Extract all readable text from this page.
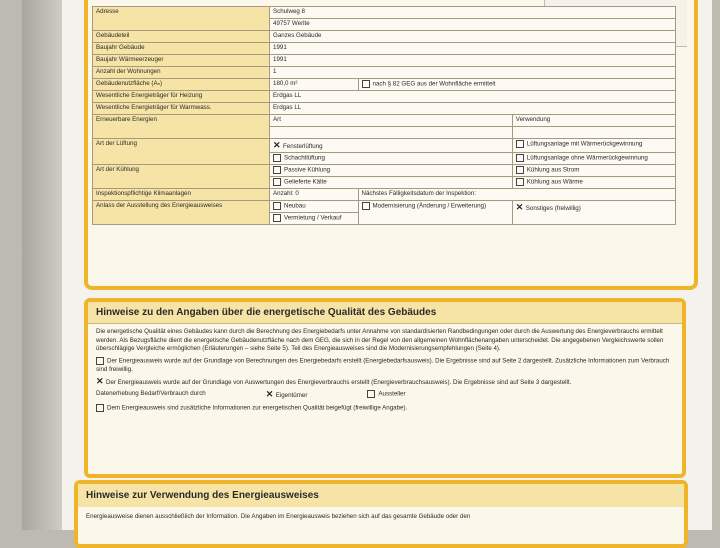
Adresse	Schulweg 8		
	49757 Werlte		
Gebäudeteil	Ganzes Gebäude		
Baujahr Gebäude	1991		
Baujahr Wärmeerzeuger	1991		
Anzahl der Wohnungen	1		
Gebäudenutzfläche (Aₙ)	180,0 m²	nach § 82 GEG aus der Wohnfläche ermittelt	
Wesentliche Energieträger für Heizung	Erdgas LL		
Wesentliche Energieträger für Warmwass.	Erdgas LL		
Erneuerbare Energien	Art		Verwendung

Art der Lüftung	✕ Fensterlüftung		Lüftungsanlage mit Wärmerückgewinnung
	Schachtlüftung		Lüftungsanlage ohne Wärmerückgewinnung
Art der Kühlung	Passive Kühlung		Kühlung aus Strom
	Gelieferte Kälte		Kühlung aus Wärme
Inspektionspflichtige Klimaanlagen	Anzahl: 0	Nächstes Fälligkeitsdatum der Inspektion:	
Anlass der Ausstellung des Energieausweises	Neubau	Modernisierung (Änderung / Erweiterung)	✕ Sonstiges (freiwillig)
	Vermietung / Verkauf		
Hinweise zu den Angaben über die energetische Qualität des Gebäudes

Die energetische Qualität eines Gebäudes kann durch die Berechnung des Energiebedarfs unter Annahme von standardisierten Randbedingungen oder durch die Auswertung des Energieverbrauchs ermittelt werden. Als Bezugsfläche dient die energetische Gebäudenutzfläche nach dem GEG, die sich in der Regel von den allgemeinen Wohnflächenangaben unterscheidet. Die angegebenen Vergleichswerte sollen überschlägige Vergleiche ermöglichen (Erläuterungen – siehe Seite 5). Teil des Energieausweises sind die Modernisierungsempfehlungen (Seite 4).

Der Energieausweis wurde auf der Grundlage von Berechnungen des Energiebedarfs erstellt (Energiebedarfsausweis). Die Ergebnisse sind auf Seite 2 dargestellt. Zusätzliche Informationen zum Verbrauch sind freiwillig.
✕ Der Energieausweis wurde auf der Grundlage von Auswertungen des Energieverbrauchs erstellt (Energieverbrauchsausweis). Die Ergebnisse sind auf Seite 3 dargestellt.
Datenerhebung Bedarf/Verbrauch durch	✕ Eigentümer	Aussteller
Dem Energieausweis sind zusätzliche Informationen zur energetischen Qualität beigefügt (freiwillige Angabe).
Hinweise zur Verwendung des Energieausweises
Energieausweise dienen ausschließlich der Information. Die Angaben im Energieausweis beziehen sich auf das gesamte Gebäude oder den
